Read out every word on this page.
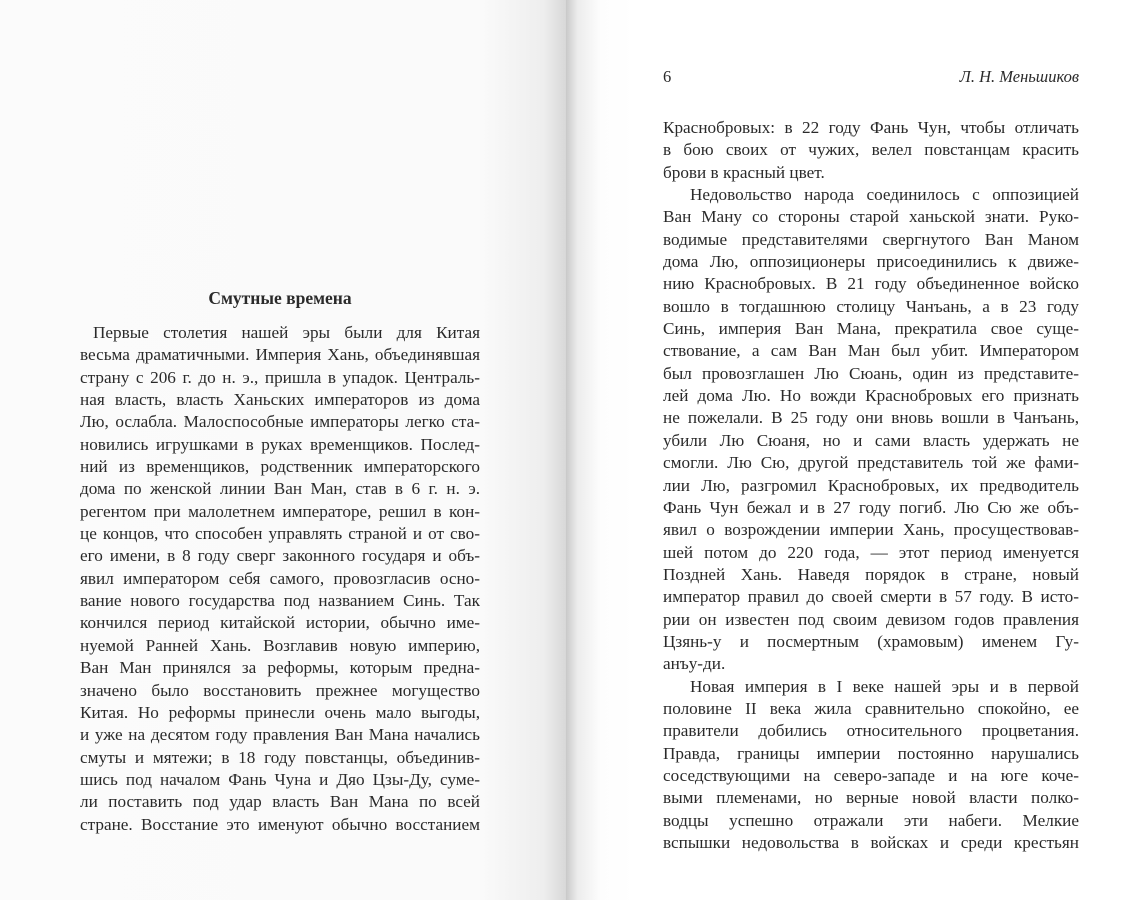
Смутные времена
Первые столетия нашей эры были для Китая
весьма драматичными. Империя Хань, объединявшая
страну с 206 г. до н. э., пришла в упадок. Централь-
ная власть, власть Ханьских императоров из дома
Лю, ослабла. Малоспособные императоры легко ста-
новились игрушками в руках временщиков. Послед-
ний из временщиков, родственник императорского
дома по женской линии Ван Ман, став в 6 г. н. э.
регентом при малолетнем императоре, решил в кон-
це концов, что способен управлять страной и от сво-
его имени, в 8 году сверг законного государя и объ-
явил императором себя самого, провозгласив осно-
вание нового государства под названием Синь. Так
кончился период китайской истории, обычно име-
нуемой Ранней Хань. Возглавив новую империю,
Ван Ман принялся за реформы, которым предна-
значено было восстановить прежнее могущество
Китая. Но реформы принесли очень мало выгоды,
и уже на десятом году правления Ван Мана начались
смуты и мятежи; в 18 году повстанцы, объединив-
шись под началом Фань Чуна и Дяо Цзы-Ду, суме-
ли поставить под удар власть Ван Мана по всей
стране. Восстание это именуют обычно восстанием
6	Л. Н. Меньшиков
Краснобровых: в 22 году Фань Чун, чтобы отличать
в бою своих от чужих, велел повстанцам красить
брови в красный цвет.
Недовольство народа соединилось с оппозицией
Ван Ману со стороны старой ханьской знати. Руко-
водимые представителями свергнутого Ван Маном
дома Лю, оппозиционеры присоединились к движе-
нию Краснобровых. В 21 году объединенное войско
вошло в тогдашнюю столицу Чанъань, а в 23 году
Синь, империя Ван Мана, прекратила свое суще-
ствование, а сам Ван Ман был убит. Императором
был провозглашен Лю Сюань, один из представите-
лей дома Лю. Но вожди Краснобровых его признать
не пожелали. В 25 году они вновь вошли в Чанъань,
убили Лю Сюаня, но и сами власть удержать не
смогли. Лю Сю, другой представитель той же фами-
лии Лю, разгромил Краснобровых, их предводитель
Фань Чун бежал и в 27 году погиб. Лю Сю же объ-
явил о возрождении империи Хань, просуществовав-
шей потом до 220 года, — этот период именуется
Поздней Хань. Наведя порядок в стране, новый
император правил до своей смерти в 57 году. В исто-
рии он известен под своим девизом годов правления
Цзянь-у и посмертным (храмовым) именем Гу-
анъу-ди.
Новая империя в I веке нашей эры и в первой
половине II века жила сравнительно спокойно, ее
правители добились относительного процветания.
Правда, границы империи постоянно нарушались
соседствующими на северо-западе и на юге коче-
выми племенами, но верные новой власти полко-
водцы успешно отражали эти набеги. Мелкие
вспышки недовольства в войсках и среди крестьян
